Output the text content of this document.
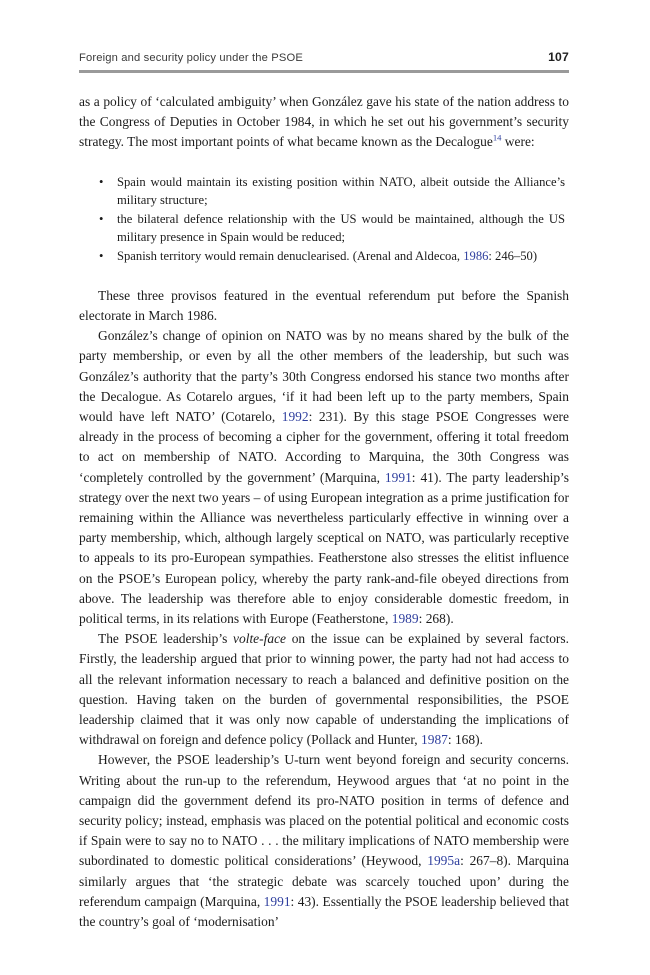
Foreign and security policy under the PSOE	107

as a policy of ‘calculated ambiguity’ when González gave his state of the nation address to the Congress of Deputies in October 1984, in which he set out his government’s security strategy. The most important points of what became known as the Decalogue$^{14}$ were:

• Spain would maintain its existing position within NATO, albeit outside the Alliance’s military structure;
• the bilateral defence relationship with the US would be maintained, although the US military presence in Spain would be reduced;
• Spanish territory would remain denuclearised. (Arenal and Aldecoa, 1986: 246–50)

These three provisos featured in the eventual referendum put before the Spanish electorate in March 1986.

González’s change of opinion on NATO was by no means shared by the bulk of the party membership, or even by all the other members of the leadership, but such was González’s authority that the party’s 30th Congress endorsed his stance two months after the Decalogue. As Cotarelo argues, ‘if it had been left up to the party members, Spain would have left NATO’ (Cotarelo, 1992: 231). By this stage PSOE Congresses were already in the process of becoming a cipher for the government, offering it total freedom to act on membership of NATO. According to Marquina, the 30th Congress was ‘completely controlled by the government’ (Marquina, 1991: 41). The party leadership’s strategy over the next two years – of using European integration as a prime justification for remaining within the Alliance was nevertheless particularly effective in winning over a party membership, which, although largely sceptical on NATO, was particularly receptive to appeals to its pro-European sympathies. Featherstone also stresses the elitist influence on the PSOE’s European policy, whereby the party rank-and-file obeyed directions from above. The leadership was therefore able to enjoy considerable domestic freedom, in political terms, in its relations with Europe (Featherstone, 1989: 268).

The PSOE leadership’s volte-face on the issue can be explained by several factors. Firstly, the leadership argued that prior to winning power, the party had not had access to all the relevant information necessary to reach a balanced and definitive position on the question. Having taken on the burden of governmental responsibilities, the PSOE leadership claimed that it was only now capable of understanding the implications of withdrawal on foreign and defence policy (Pollack and Hunter, 1987: 168).

However, the PSOE leadership’s U-turn went beyond foreign and security concerns. Writing about the run-up to the referendum, Heywood argues that ‘at no point in the campaign did the government defend its pro-NATO position in terms of defence and security policy; instead, emphasis was placed on the potential political and economic costs if Spain were to say no to NATO . . . the military implications of NATO membership were subordinated to domestic political considerations’ (Heywood, 1995a: 267–8). Marquina similarly argues that ‘the strategic debate was scarcely touched upon’ during the referendum campaign (Marquina, 1991: 43). Essentially the PSOE leadership believed that the country’s goal of ‘modernisation’
